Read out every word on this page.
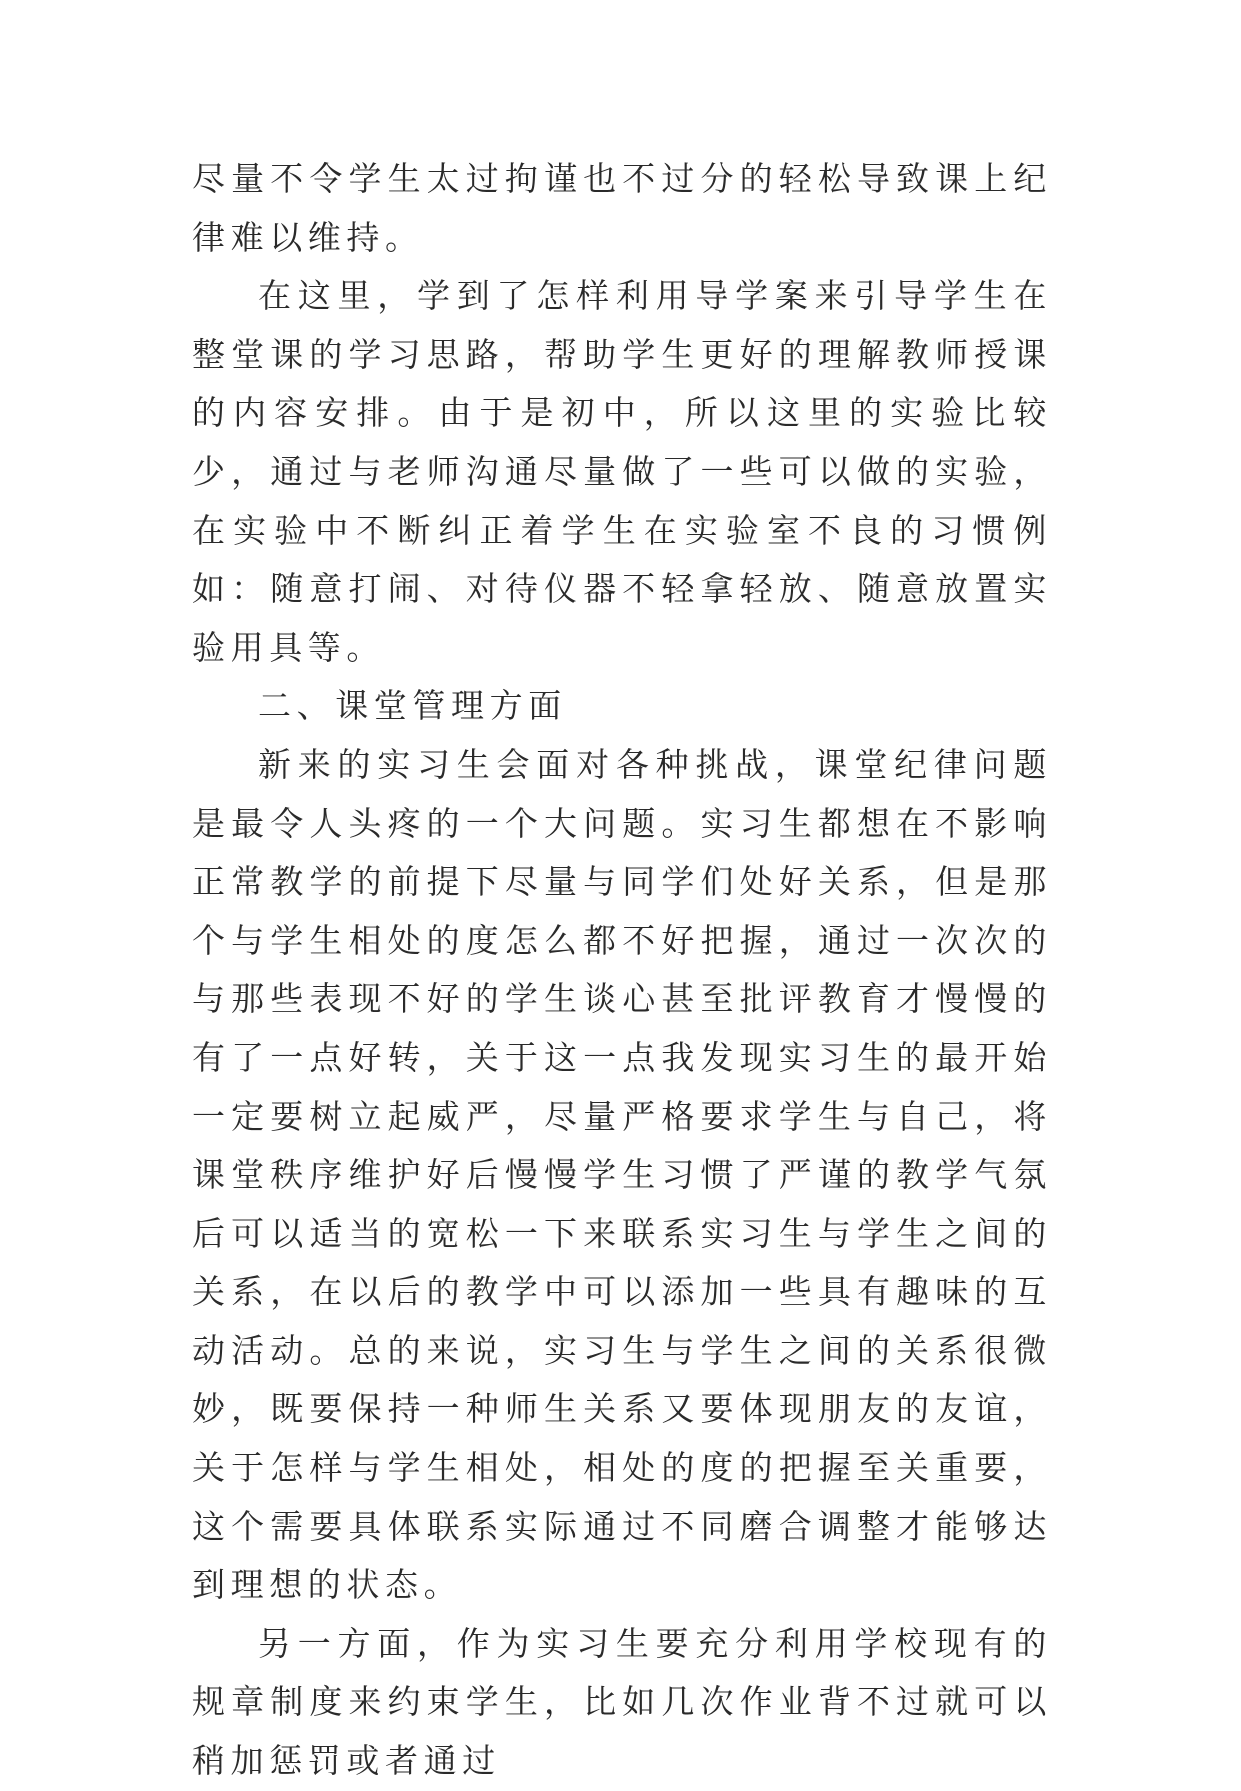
尽量不令学生太过拘谨也不过分的轻松导致课上纪律难以维持。

在这里，学到了怎样利用导学案来引导学生在整堂课的学习思路，帮助学生更好的理解教师授课的内容安排。由于是初中，所以这里的实验比较少，通过与老师沟通尽量做了一些可以做的实验，在实验中不断纠正着学生在实验室不良的习惯例如：随意打闹、对待仪器不轻拿轻放、随意放置实验用具等。

二、课堂管理方面

新来的实习生会面对各种挑战，课堂纪律问题是最令人头疼的一个大问题。实习生都想在不影响正常教学的前提下尽量与同学们处好关系，但是那个与学生相处的度怎么都不好把握，通过一次次的与那些表现不好的学生谈心甚至批评教育才慢慢的有了一点好转，关于这一点我发现实习生的最开始一定要树立起威严，尽量严格要求学生与自己，将课堂秩序维护好后慢慢学生习惯了严谨的教学气氛后可以适当的宽松一下来联系实习生与学生之间的关系，在以后的教学中可以添加一些具有趣味的互动活动。总的来说，实习生与学生之间的关系很微妙，既要保持一种师生关系又要体现朋友的友谊，关于怎样与学生相处，相处的度的把握至关重要，这个需要具体联系实际通过不同磨合调整才能够达到理想的状态。

另一方面，作为实习生要充分利用学校现有的规章制度来约束学生，比如几次作业背不过就可以稍加惩罚或者通过
